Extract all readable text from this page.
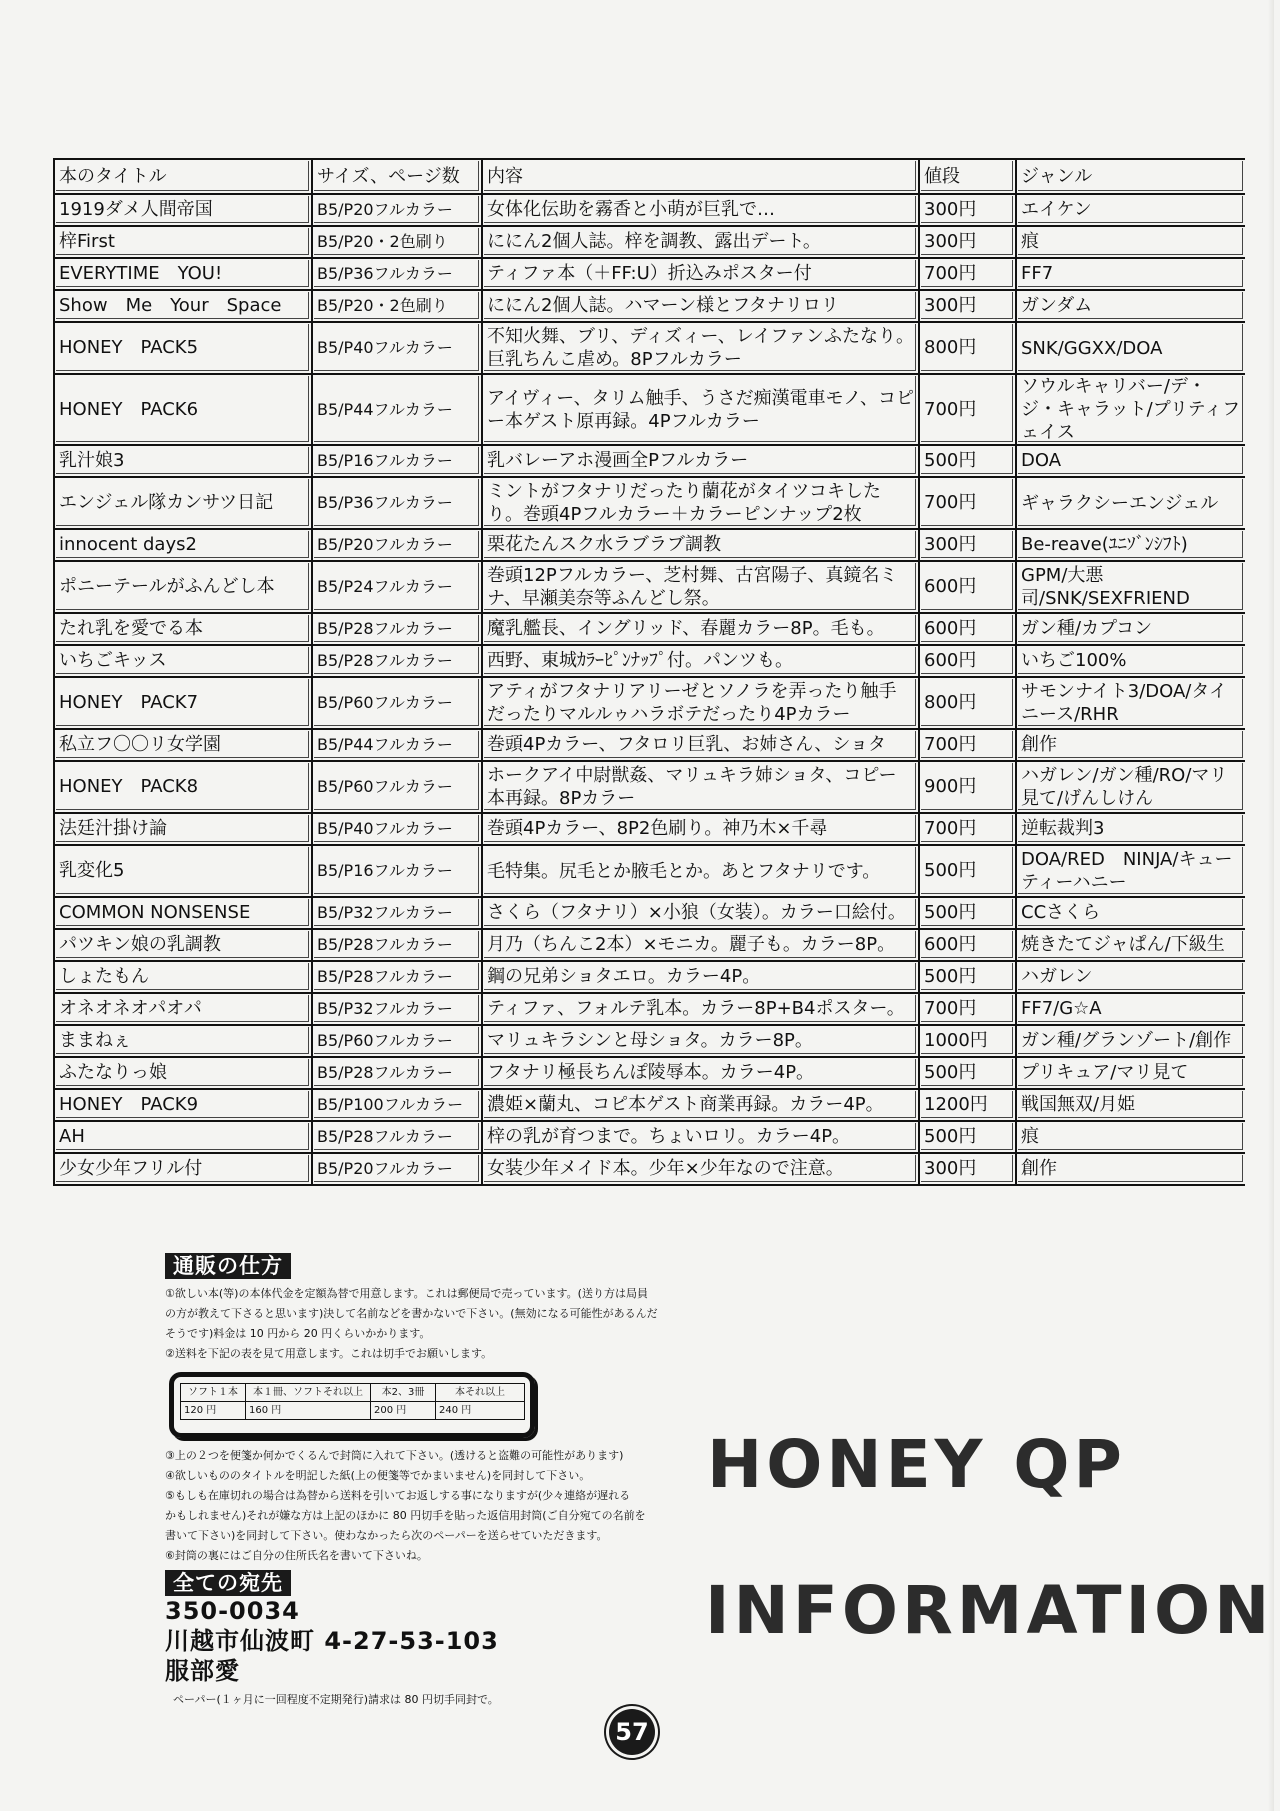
本のタイトル	サイズ、ページ数	内容	値段	ジャンル
1919ダメ人間帝国	B5/P20フルカラー	女体化伝助を霧香と小萌が巨乳で…	300円	エイケン
梓First	B5/P20・2色刷り	ににん2個人誌。梓を調教、露出デート。	300円	痕
EVERYTIME　YOU!	B5/P36フルカラー	ティファ本（＋FF:U）折込みポスター付	700円	FF7
Show　Me　Your　Space	B5/P20・2色刷り	ににん2個人誌。ハマーン様とフタナリロリ	300円	ガンダム
HONEY　PACK5	B5/P40フルカラー	不知火舞、ブリ、ディズィー、レイファンふたなり。巨乳ちんこ虐め。8Pフルカラー	800円	SNK/GGXX/DOA
HONEY　PACK6	B5/P44フルカラー	アイヴィー、タリム触手、うさだ痴漢電車モノ、コピー本ゲスト原再録。4Pフルカラー	700円	ソウルキャリバー/デ・ジ・キャラット/プリティフェイス
乳汁娘3	B5/P16フルカラー	乳バレーアホ漫画全Pフルカラー	500円	DOA
エンジェル隊カンサツ日記	B5/P36フルカラー	ミントがフタナリだったり蘭花がタイツコキしたり。巻頭4Pフルカラー＋カラーピンナップ2枚	700円	ギャラクシーエンジェル
innocent days2	B5/P20フルカラー	栗花たんスク水ラブラブ調教	300円	Be-reave(ﾕﾆｿﾞﾝｼﾌﾄ)
ポニーテールがふんどし本	B5/P24フルカラー	巻頭12Pフルカラー、芝村舞、古宮陽子、真鏡名ミナ、早瀬美奈等ふんどし祭。	600円	GPM/大悪司/SNK/SEXFRIEND
たれ乳を愛でる本	B5/P28フルカラー	魔乳艦長、イングリッド、春麗カラー8P。毛も。	600円	ガン種/カプコン
いちごキッス	B5/P28フルカラー	西野、東城ｶﾗｰﾋﾟﾝﾅｯﾌﾟ付。パンツも。	600円	いちご100%
HONEY　PACK7	B5/P60フルカラー	アティがフタナリアリーゼとソノラを弄ったり触手だったりマルルゥハラボテだったり4Pカラー	800円	サモンナイト3/DOA/タイニース/RHR
私立フ〇〇リ女学園	B5/P44フルカラー	巻頭4Pカラー、フタロリ巨乳、お姉さん、ショタ	700円	創作
HONEY　PACK8	B5/P60フルカラー	ホークアイ中尉獣姦、マリュキラ姉ショタ、コピー本再録。8Pカラー	900円	ハガレン/ガン種/RO/マリ見て/げんしけん
法廷汁掛け論	B5/P40フルカラー	巻頭4Pカラー、8P2色刷り。神乃木×千尋	700円	逆転裁判3
乳変化5	B5/P16フルカラー	毛特集。尻毛とか腋毛とか。あとフタナリです。	500円	DOA/RED　NINJA/キューティーハニー
COMMON NONSENSE	B5/P32フルカラー	さくら（フタナリ）×小狼（女装）。カラー口絵付。	500円	CCさくら
パツキン娘の乳調教	B5/P28フルカラー	月乃（ちんこ2本）×モニカ。麗子も。カラー8P。	600円	焼きたてジャぱん/下級生
しょたもん	B5/P28フルカラー	鋼の兄弟ショタエロ。カラー4P。	500円	ハガレン
オネオネオパオパ	B5/P32フルカラー	ティファ、フォルテ乳本。カラー8P+B4ポスター。	700円	FF7/G☆A
ままねぇ	B5/P60フルカラー	マリュキラシンと母ショタ。カラー8P。	1000円	ガン種/グランゾート/創作
ふたなりっ娘	B5/P28フルカラー	フタナリ極長ちんぽ陵辱本。カラー4P。	500円	プリキュア/マリ見て
HONEY　PACK9	B5/P100フルカラー	濃姫×蘭丸、コピ本ゲスト商業再録。カラー4P。	1200円	戦国無双/月姫
AH	B5/P28フルカラー	梓の乳が育つまで。ちょいロリ。カラー4P。	500円	痕
少女少年フリル付	B5/P20フルカラー	女装少年メイド本。少年×少年なので注意。	300円	創作
通販の仕方

①欲しい本(等)の本体代金を定額為替で用意します。これは郵便局で売っています。(送り方は局員

の方が教えて下さると思います)決して名前などを書かないで下さい。(無効になる可能性があるんだ

そうです)料金は 10 円から 20 円くらいかかります。

②送料を下記の表を見て用意します。これは切手でお願いします。

ソフト１本	本１冊、ソフトそれ以上	本2、3冊	本それ以上
120 円	160 円	200 円	240 円

③上の２つを便箋か何かでくるんで封筒に入れて下さい。(透けると盗難の可能性があります)

④欲しいもののタイトルを明記した紙(上の便箋等でかまいません)を同封して下さい。

⑤もしも在庫切れの場合は為替から送料を引いてお返しする事になりますが(少々連絡が遅れる

かもしれません)それが嫌な方は上記のほかに 80 円切手を貼った返信用封筒(ご自分宛ての名前を

書いて下さい)を同封して下さい。使わなかったら次のペーパーを送らせていただきます。

⑥封筒の裏にはご自分の住所氏名を書いて下さいね。

全ての宛先

350-0034

川越市仙波町 4-27-53-103

服部愛

ペーパー(１ヶ月に一回程度不定期発行)請求は 80 円切手同封で。

HONEY QP
INFORMATION
57
